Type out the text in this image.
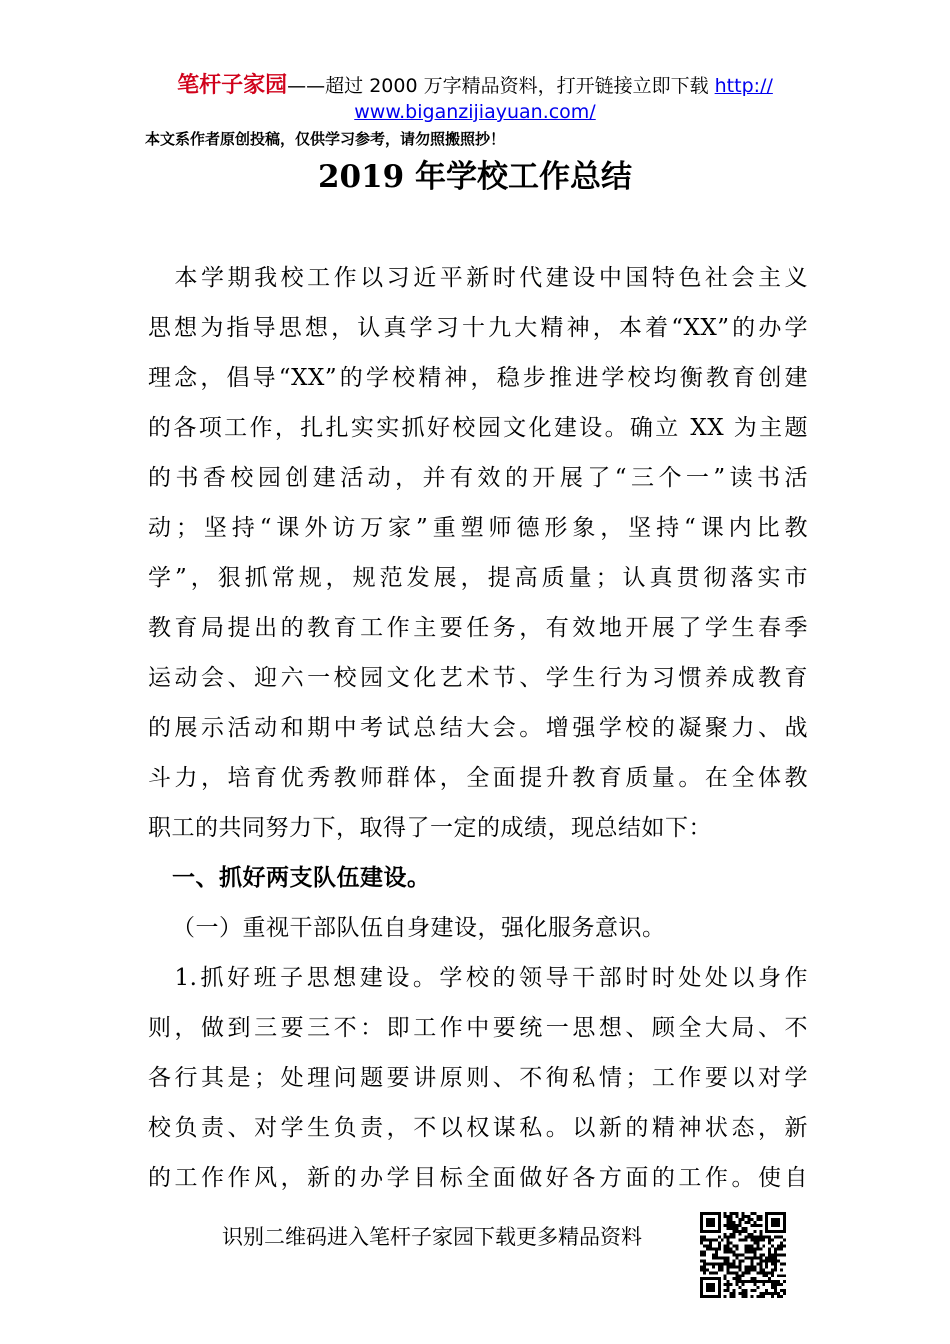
笔杆子家园——超过 2000 万字精品资料，打开链接立即下载 http://
www.biganzijiayuan.com/
本文系作者原创投稿，仅供学习参考，请勿照搬照抄！
2019 年学校工作总结
　本学期我校工作以习近平新时代建设中国特色社会主义
思想为指导思想，认真学习十九大精神，本着“XX”的办学
理念，倡导“XX”的学校精神，稳步推进学校均衡教育创建
的各项工作，扎扎实实抓好校园文化建设。确立 XX 为主题
的书香校园创建活动，并有效的开展了“三个一”读书活
动；坚持“课外访万家”重塑师德形象，坚持“课内比教
学”，狠抓常规，规范发展，提高质量；认真贯彻落实市
教育局提出的教育工作主要任务，有效地开展了学生春季
运动会、迎六一校园文化艺术节、学生行为习惯养成教育
的展示活动和期中考试总结大会。增强学校的凝聚力、战
斗力，培育优秀教师群体，全面提升教育质量。在全体教
职工的共同努力下，取得了一定的成绩，现总结如下：
一、抓好两支队伍建设。
（一）重视干部队伍自身建设，强化服务意识。
　1.抓好班子思想建设。学校的领导干部时时处处以身作
则，做到三要三不：即工作中要统一思想、顾全大局、不
各行其是；处理问题要讲原则、不徇私情；工作要以对学
校负责、对学生负责，不以权谋私。以新的精神状态，新
的工作作风，新的办学目标全面做好各方面的工作。使自
识别二维码进入笔杆子家园下载更多精品资料
